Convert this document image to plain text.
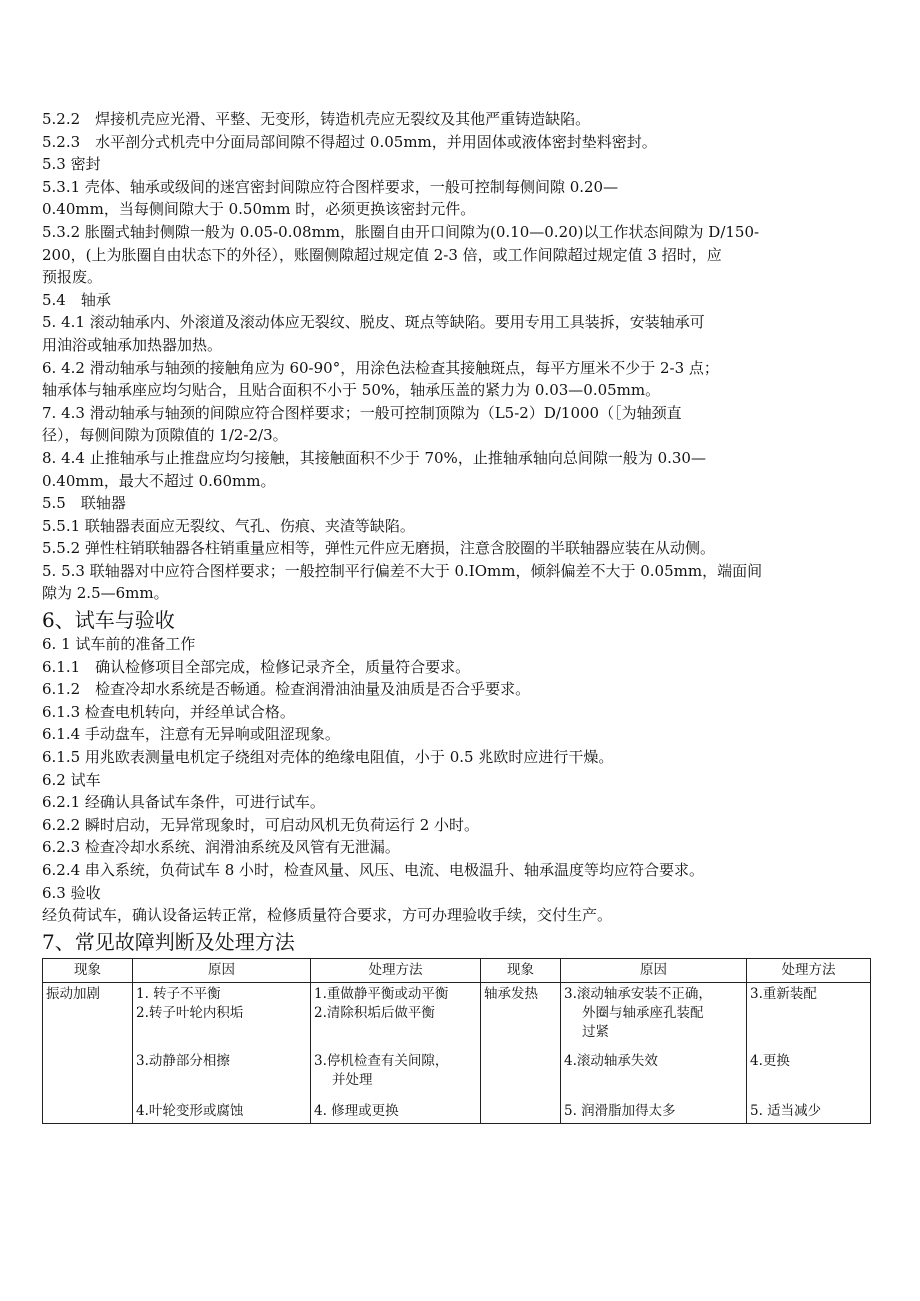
5.2.2　焊接机壳应光滑、平整、无变形，铸造机壳应无裂纹及其他严重铸造缺陷。
5.2.3　水平剖分式机壳中分面局部间隙不得超过 0.05mm，并用固体或液体密封垫料密封。
5.3 密封
5.3.1 壳体、轴承或级间的迷宫密封间隙应符合图样要求，一般可控制每侧间隙 0.20—
0.40mm，当每侧间隙大于 0.50mm 时，必须更换该密封元件。
5.3.2 胀圈式轴封侧隙一般为 0.05-0.08mm，胀圈自由开口间隙为(0.10—0.20)以工作状态间隙为 D/150-
200，(上为胀圈自由状态下的外径），账圈侧隙超过规定值 2-3 倍，或工作间隙超过规定值 3 招时，应
预报废。
5.4　轴承
5. 4.1 滚动轴承内、外滚道及滚动体应无裂纹、脱皮、斑点等缺陷。要用专用工具装拆，安装轴承可
用油浴或轴承加热器加热。
6. 4.2 滑动轴承与轴颈的接触角应为 60-90°，用涂色法检查其接触斑点，每平方厘米不少于 2-3 点；
轴承体与轴承座应均匀贴合，且贴合面积不小于 50%，轴承压盖的紧力为 0.03—0.05mm。
7. 4.3 滑动轴承与轴颈的间隙应符合图样要求；一般可控制顶隙为（L5-2）D/1000（［为轴颈直
径），每侧间隙为顶隙值的 1/2-2/3。
8. 4.4 止推轴承与止推盘应均匀接触，其接触面积不少于 70%，止推轴承轴向总间隙一般为 0.30—
0.40mm，最大不超过 0.60mm。
5.5　联轴器
5.5.1 联轴器表面应无裂纹、气孔、伤痕、夹渣等缺陷。
5.5.2 弹性柱销联轴器各柱销重量应相等，弹性元件应无磨损，注意含胶圈的半联轴器应装在从动侧。
5. 5.3 联轴器对中应符合图样要求；一般控制平行偏差不大于 0.IOmm，倾斜偏差不大于 0.05mm，端面间
隙为 2.5—6mm。
6、试车与验收
6. 1 试车前的准备工作
6.1.1　确认检修项目全部完成，检修记录齐全，质量符合要求。
6.1.2　检查冷却水系统是否畅通。检查润滑油油量及油质是否合乎要求。
6.1.3 检查电机转向，并经单试合格。
6.1.4 手动盘车，注意有无异响或阻涩现象。
6.1.5 用兆欧表测量电机定子绕组对壳体的绝缘电阻值，小于 0.5 兆欧时应进行干燥。
6.2 试车
6.2.1 经确认具备试车条件，可进行试车。
6.2.2 瞬时启动，无异常现象时，可启动风机无负荷运行 2 小时。
6.2.3 检查冷却水系统、润滑油系统及风管有无泄漏。
6.2.4 串入系统，负荷试车 8 小时，检查风量、风压、电流、电极温升、轴承温度等均应符合要求。
6.3 验收
经负荷试车，确认设备运转正常，检修质量符合要求，方可办理验收手续，交付生产。
7、常见故障判断及处理方法
现象	原因	处理方法	现象	原因	处理方法
振动加剧	1. 转子不平衡
2.转子叶轮内积垢	1.重做静平衡或动平衡
2.清除积垢后做平衡	轴承发热	3.滚动轴承安装不正确，
外圈与轴承座孔装配
过紧	3.重新装配

	3.动静部分相擦	3.停机检查有关间隙，
并处理		4.滚动轴承失效	4.更换

	4.叶轮变形或腐蚀	4. 修理或更换		5. 润滑脂加得太多	5. 适当减少
